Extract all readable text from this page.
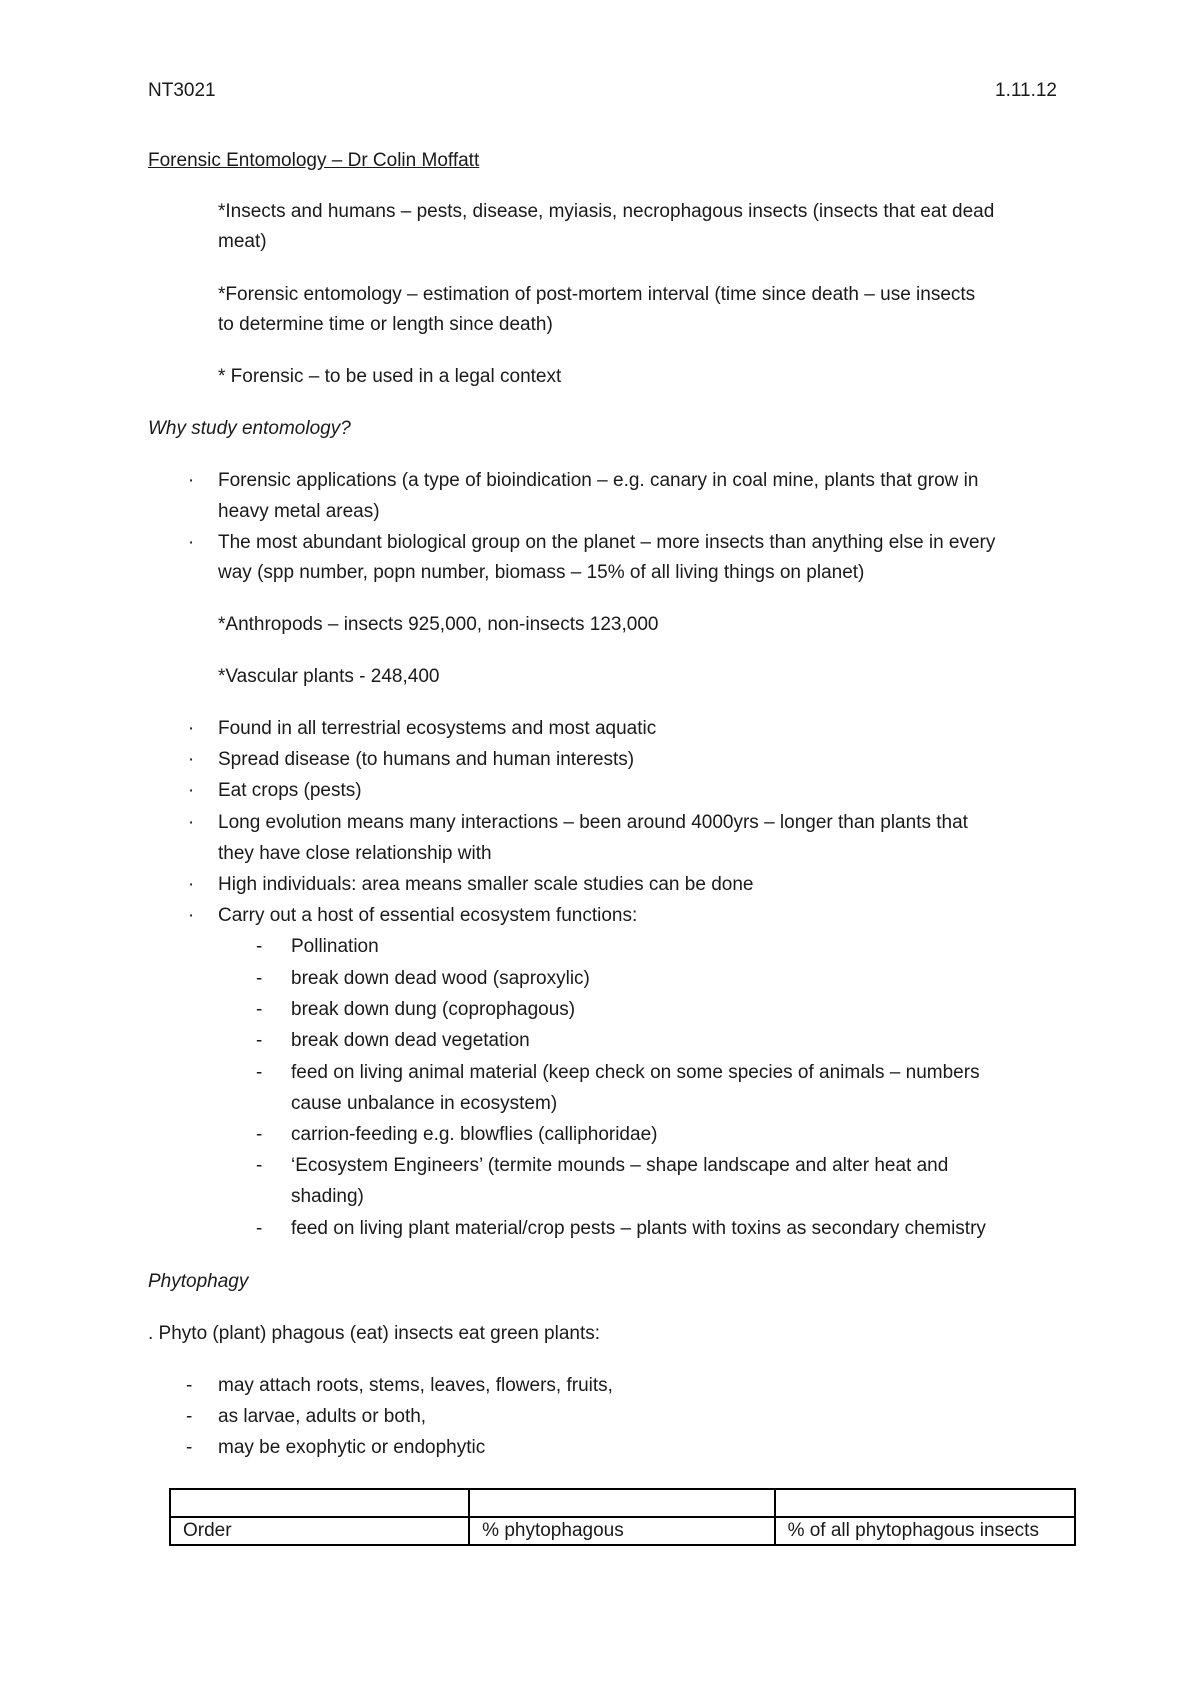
NT3021	1.11.12
Forensic Entomology – Dr Colin Moffatt
*Insects and humans – pests, disease, myiasis, necrophagous insects (insects that eat dead
meat)
*Forensic entomology – estimation of post-mortem interval (time since death – use insects
to determine time or length since death)
* Forensic – to be used in a legal context
Why study entomology?
· Forensic applications (a type of bioindication – e.g. canary in coal mine, plants that grow in
heavy metal areas)
· The most abundant biological group on the planet – more insects than anything else in every
way (spp number, popn number, biomass – 15% of all living things on planet)
*Anthropods – insects 925,000, non-insects 123,000
*Vascular plants - 248,400
· Found in all terrestrial ecosystems and most aquatic
· Spread disease (to humans and human interests)
· Eat crops (pests)
· Long evolution means many interactions – been around 4000yrs – longer than plants that
they have close relationship with
· High individuals: area means smaller scale studies can be done
· Carry out a host of essential ecosystem functions:
-	Pollination
-	break down dead wood (saproxylic)
-	break down dung (coprophagous)
-	break down dead vegetation
-	feed on living animal material (keep check on some species of animals – numbers
cause unbalance in ecosystem)
-	carrion-feeding e.g. blowflies (calliphoridae)
-	‘Ecosystem Engineers’ (termite mounds – shape landscape and alter heat and
shading)
-	feed on living plant material/crop pests – plants with toxins as secondary chemistry
Phytophagy
. Phyto (plant) phagous (eat) insects eat green plants:
-	may attach roots, stems, leaves, flowers, fruits,
-	as larvae, adults or both,
-	may be exophytic or endophytic

Order	% phytophagous	% of all phytophagous insects
